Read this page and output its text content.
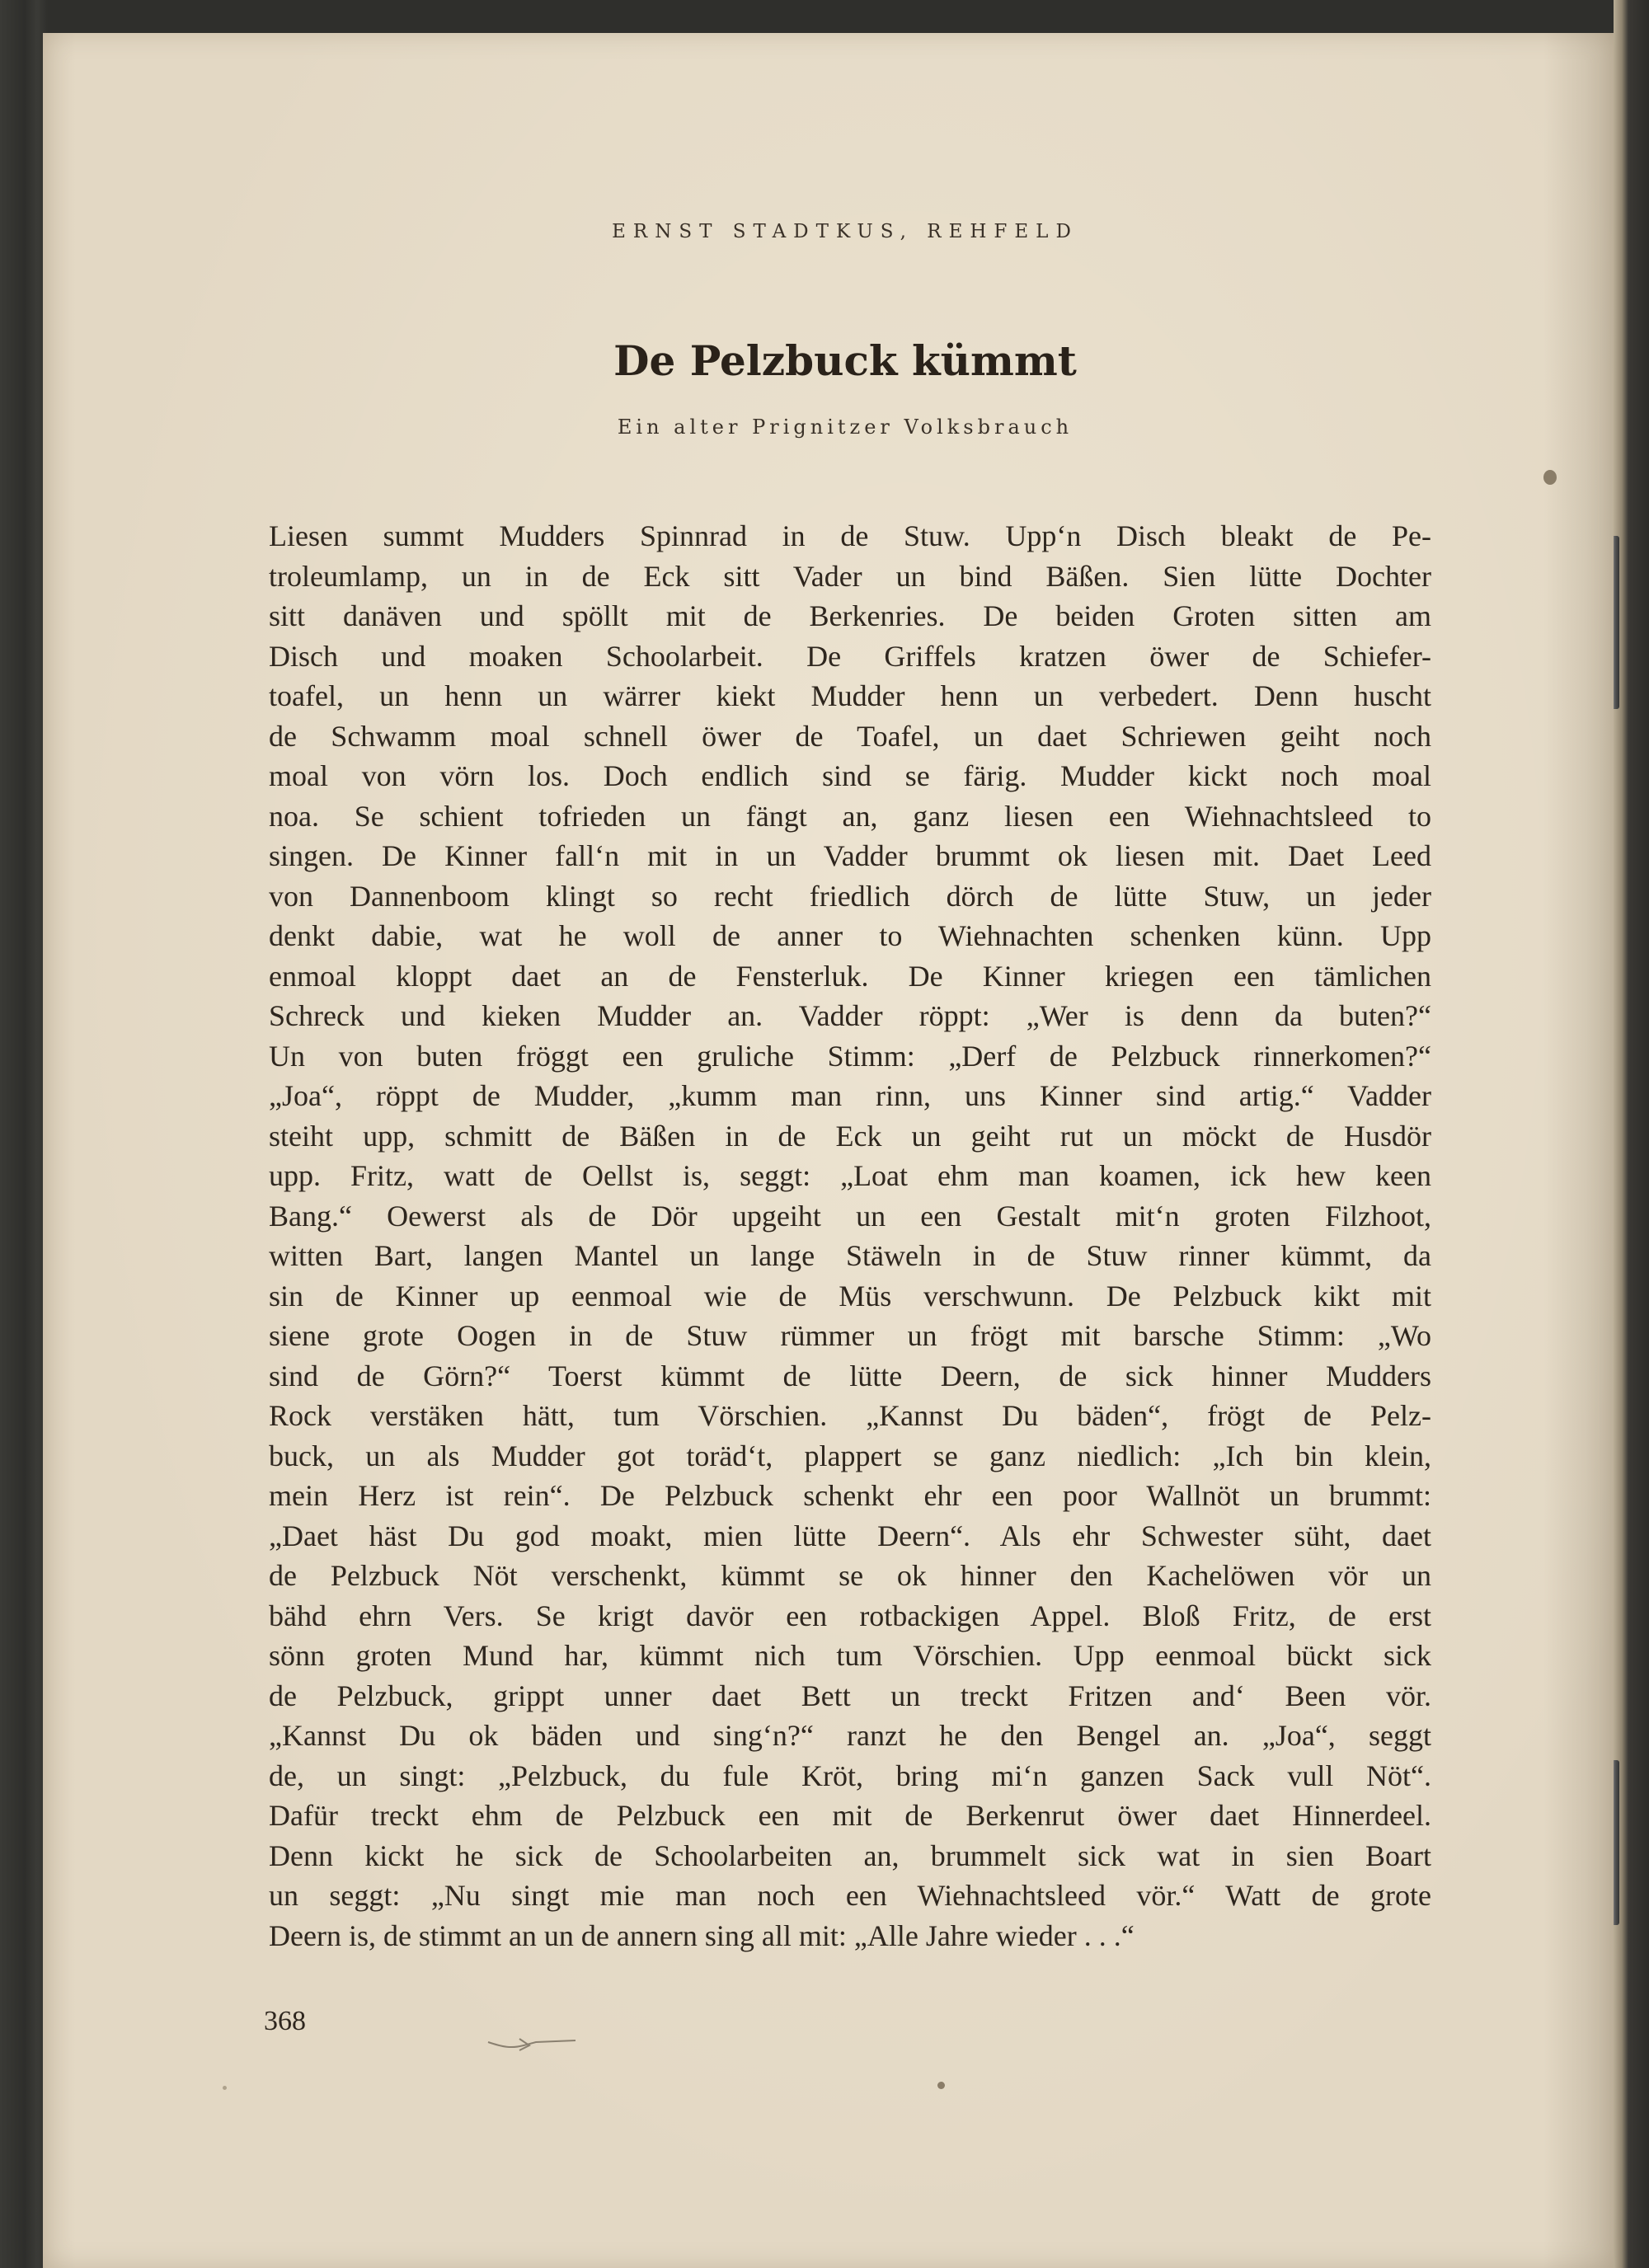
ERNST STADTKUS, REHFELD
De Pelzbuck kümmt
Ein alter Prignitzer Volksbrauch
Liesen summt Mudders Spinnrad in de Stuw. Upp‘n Disch bleakt de Pe-
troleumlamp, un in de Eck sitt Vader un bind Bäßen. Sien lütte Dochter
sitt danäven und spöllt mit de Berkenries. De beiden Groten sitten am
Disch und moaken Schoolarbeit. De Griffels kratzen öwer de Schiefer-
toafel, un henn un wärrer kiekt Mudder henn un verbedert. Denn huscht
de Schwamm moal schnell öwer de Toafel, un daet Schriewen geiht noch
moal von vörn los. Doch endlich sind se färig. Mudder kickt noch moal
noa. Se schient tofrieden un fängt an, ganz liesen een Wiehnachtsleed to
singen. De Kinner fall‘n mit in un Vadder brummt ok liesen mit. Daet Leed
von Dannenboom klingt so recht friedlich dörch de lütte Stuw, un jeder
denkt dabie, wat he woll de anner to Wiehnachten schenken künn. Upp
enmoal kloppt daet an de Fensterluk. De Kinner kriegen een tämlichen
Schreck und kieken Mudder an. Vadder röppt: „Wer is denn da buten?“
Un von buten fröggt een gruliche Stimm: „Derf de Pelzbuck rinnerkomen?“
„Joa“, röppt de Mudder, „kumm man rinn, uns Kinner sind artig.“ Vadder
steiht upp, schmitt de Bäßen in de Eck un geiht rut un möckt de Husdör
upp. Fritz, watt de Oellst is, seggt: „Loat ehm man koamen, ick hew keen
Bang.“ Oewerst als de Dör upgeiht un een Gestalt mit‘n groten Filzhoot,
witten Bart, langen Mantel un lange Stäweln in de Stuw rinner kümmt, da
sin de Kinner up eenmoal wie de Müs verschwunn. De Pelzbuck kikt mit
siene grote Oogen in de Stuw rümmer un frögt mit barsche Stimm: „Wo
sind de Görn?“ Toerst kümmt de lütte Deern, de sick hinner Mudders
Rock verstäken hätt, tum Vörschien. „Kannst Du bäden“, frögt de Pelz-
buck, un als Mudder got toräd‘t, plappert se ganz niedlich: „Ich bin klein,
mein Herz ist rein“. De Pelzbuck schenkt ehr een poor Wallnöt un brummt:
„Daet häst Du god moakt, mien lütte Deern“. Als ehr Schwester süht, daet
de Pelzbuck Nöt verschenkt, kümmt se ok hinner den Kachelöwen vör un
bähd ehrn Vers. Se krigt davör een rotbackigen Appel. Bloß Fritz, de erst
sönn groten Mund har, kümmt nich tum Vörschien. Upp eenmoal bückt sick
de Pelzbuck, grippt unner daet Bett un treckt Fritzen and‘ Been vör.
„Kannst Du ok bäden und sing‘n?“ ranzt he den Bengel an. „Joa“, seggt
de, un singt: „Pelzbuck, du fule Kröt, bring mi‘n ganzen Sack vull Nöt“.
Dafür treckt ehm de Pelzbuck een mit de Berkenrut öwer daet Hinnerdeel.
Denn kickt he sick de Schoolarbeiten an, brummelt sick wat in sien Boart
un seggt: „Nu singt mie man noch een Wiehnachtsleed vör.“ Watt de grote
Deern is, de stimmt an un de annern sing all mit: „Alle Jahre wieder . . .“
368
